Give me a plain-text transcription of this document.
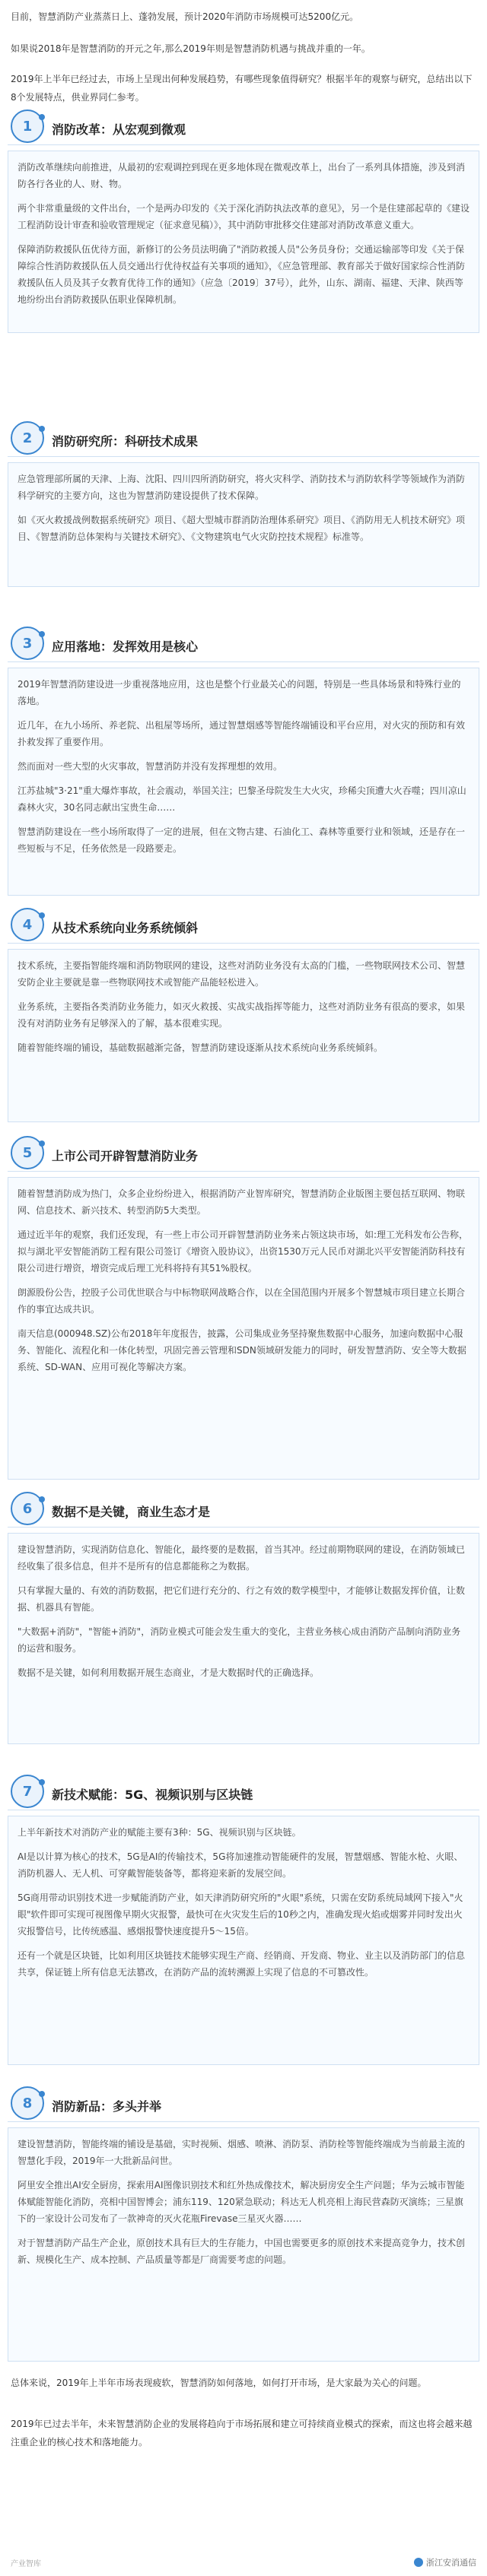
目前，智慧消防产业蒸蒸日上、蓬勃发展，预计2020年消防市场规模可达5200亿元。
如果说2018年是智慧消防的开元之年,那么2019年则是智慧消防机遇与挑战并重的一年。
2019年上半年已经过去，市场上呈现出何种发展趋势，有哪些现象值得研究？根据半年的观察与研究，总结出以下8个发展特点，供业界同仁参考。
1 消防改革：从宏观到微观

消防改革继续向前推进，从最初的宏观调控到现在更多地体现在微观改革上，出台了一系列具体措施，涉及到消防各行各业的人、财、物。

两个非常重量级的文件出台，一个是两办印发的《关于深化消防执法改革的意见》，另一个是住建部起草的《建设工程消防设计审查和验收管理规定（征求意见稿）》，其中消防审批移交住建部对消防改革意义重大。

保障消防救援队伍优待方面，新修订的公务员法明确了"消防救援人员"公务员身份；交通运输部等印发《关于保障综合性消防救援队伍人员交通出行优待权益有关事项的通知》，《应急管理部、教育部关于做好国家综合性消防救援队伍人员及其子女教育优待工作的通知》（应急〔2019〕37号），此外，山东、湖南、福建、天津、陕西等地纷纷出台消防救援队伍职业保障机制。

2 消防研究所：科研技术成果

应急管理部所属的天津、上海、沈阳、四川四所消防研究，将火灾科学、消防技术与消防软科学等领域作为消防科学研究的主要方向，这也为智慧消防建设提供了技术保障。

如《灭火救援战例数据系统研究》项目、《超大型城市群消防治理体系研究》项目、《消防用无人机技术研究》项目、《智慧消防总体架构与关键技术研究》、《文物建筑电气火灾防控技术规程》标准等。

3 应用落地：发挥效用是核心

2019年智慧消防建设进一步重视落地应用，这也是整个行业最关心的问题，特别是一些具体场景和特殊行业的落地。

近几年，在九小场所、养老院、出租屋等场所，通过智慧烟感等智能终端铺设和平台应用，对火灾的预防和有效扑救发挥了重要作用。

然而面对一些大型的火灾事故，智慧消防并没有发挥理想的效用。

江苏盐城"3·21"重大爆炸事故，社会震动，举国关注；巴黎圣母院发生大火灾，珍稀尖顶遭大火吞噬；四川凉山森林火灾，30名同志献出宝贵生命……

智慧消防建设在一些小场所取得了一定的进展，但在文物古建、石油化工、森林等重要行业和领域，还是存在一些短板与不足，任务依然是一段路要走。

4 从技术系统向业务系统倾斜

技术系统，主要指智能终端和消防物联网的建设，这些对消防业务没有太高的门槛，一些物联网技术公司、智慧安防企业主要就是靠一些物联网技术或智能产品能轻松进入。

业务系统，主要指各类消防业务能力，如灭火救援、实战实战指挥等能力，这些对消防业务有很高的要求，如果没有对消防业务有足够深入的了解，基本很难实现。

随着智能终端的铺设，基础数据越渐完备，智慧消防建设逐渐从技术系统向业务系统倾斜。

5 上市公司开辟智慧消防业务

随着智慧消防成为热门，众多企业纷纷进入，根据消防产业智库研究，智慧消防企业版图主要包括互联网、物联网、信息技术、新兴技术、转型消防5大类型。

通过近半年的观察，我们还发现，有一些上市公司开辟智慧消防业务来占领这块市场，如:理工光科发布公告称，拟与湖北平安智能消防工程有限公司签订《增资入股协议》，出资1530万元人民币对湖北兴平安智能消防科技有限公司进行增资，增资完成后理工光科将持有其51%股权。

朗源股份公告，控股子公司优世联合与中标物联网战略合作，以在全国范围内开展多个智慧城市项目建立长期合作的事宜达成共识。

南天信息(000948.SZ)公布2018年年度报告，披露，公司集成业务坚持聚焦数据中心服务，加速向数据中心服务、智能化、流程化和一体化转型，巩固完善云管理和SDN领域研发能力的同时，研发智慧消防、安全等大数据系统、SD-WAN、应用可视化等解决方案。

6 数据不是关键，商业生态才是

建设智慧消防，实现消防信息化、智能化，最终要的是数据，首当其冲。经过前期物联网的建设，在消防领域已经收集了很多信息，但并不是所有的信息都能称之为数据。

只有掌握大量的、有效的消防数据，把它们进行充分的、行之有效的数学模型中，才能够让数据发挥价值，让数据、机器具有智能。

"大数据+消防"，"智能+消防"，消防业模式可能会发生重大的变化，主营业务核心成由消防产品制向消防业务的运营和服务。

数据不是关键，如何利用数据开展生态商业，才是大数据时代的正确选择。

7 新技术赋能：5G、视频识别与区块链

上半年新技术对消防产业的赋能主要有3种：5G、视频识别与区块链。

AI是以计算为核心的技术，5G是AI的传输技术，5G将加速推动智能硬件的发展，智慧烟感、智能水枪、火眼、消防机器人、无人机、可穿戴智能装备等，都将迎来新的发展空间。

5G商用带动识别技术进一步赋能消防产业，如天津消防研究所的"火眼"系统，只需在安防系统局域网下接入"火眼"软件即可实现可视图像早期火灾报警，最快可在火灾发生后的10秒之内，准确发现火焰或烟雾并同时发出火灾报警信号，比传统感温、感烟报警快速度提升5～15倍。

还有一个就是区块链，比如利用区块链技术能够实现生产商、经销商、开发商、物业、业主以及消防部门的信息共享，保证链上所有信息无法篡改，在消防产品的流转溯源上实现了信息的不可篡改性。

8 消防新品：多头并举

建设智慧消防，智能终端的铺设是基础，实时视频、烟感、喷淋、消防泵、消防栓等智能终端成为当前最主流的智慧化手段，2019年一大批新品问世。

阿里安全推出AI安全厨房，探索用AI图像识别技术和红外热成像技术，解决厨房安全生产问题；华为云城市智能体赋能智能化消防，亮相中国智博会；浦东119、120紧急联动；科达无人机亮相上海民营森防灭演练；三星旗下的一家设计公司发布了一款神奇的灭火花瓶Firevase三星灭火器……

对于智慧消防产品生产企业，原创技术具有巨大的生存能力，中国也需要更多的原创技术来提高竞争力，技术创新、规模化生产、成本控制、产品质量等都是厂商需要考虑的问题。

总体来说，2019年上半年市场表现疲软，智慧消防如何落地，如何打开市场，是大家最为关心的问题。
2019年已过去半年，未来智慧消防企业的发展将趋向于市场拓展和建立可持续商业模式的探索，而这也将会越来越注重企业的核心技术和落地能力。
产业智库	浙江安消通信
